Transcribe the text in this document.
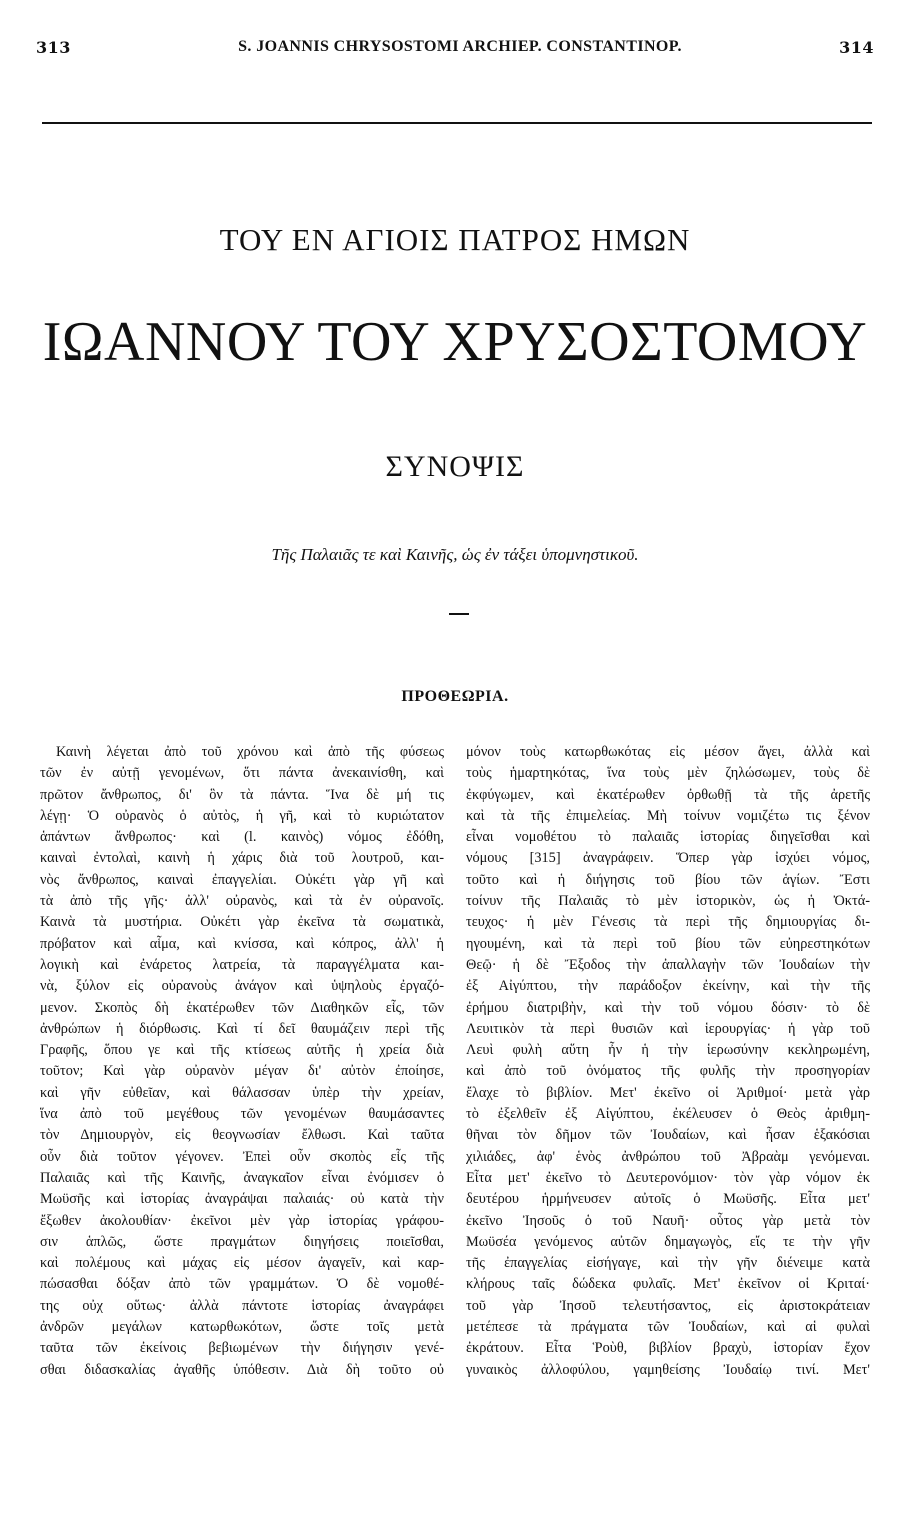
313	S. JOANNIS CHRYSOSTOMI ARCHIEP. CONSTANTINOP.	314
ΤΟΥ ΕΝ ΑΓΙΟΙΣ ΠΑΤΡΟΣ ΗΜΩΝ
ΙΩΑΝΝΟΥ ΤΟΥ ΧΡΥΣΟΣΤΟΜΟΥ
ΣΥΝΟΨΙΣ
Τῆς Παλαιᾶς τε καὶ Καινῆς, ὡς ἐν τάξει ὑπομνηστικοῦ.
ΠΡΟΘΕΩΡΙΑ.
Καινὴ λέγεται ἀπὸ τοῦ χρόνου καὶ ἀπὸ τῆς φύσεως
τῶν ἐν αὐτῇ γενομένων, ὅτι πάντα ἀνεκαινίσθη, καὶ
πρῶτον ἄνθρωπος, δι' ὃν τὰ πάντα. Ἵνα δὲ μή τις
λέγῃ· Ὁ οὐρανὸς ὁ αὐτὸς, ἡ γῆ, καὶ τὸ κυριώτατον
ἁπάντων ἄνθρωπος· καὶ (l. καινὸς) νόμος ἐδόθη,
καιναὶ ἐντολαὶ, καινὴ ἡ χάρις διὰ τοῦ λουτροῦ, και-
νὸς ἄνθρωπος, καιναὶ ἐπαγγελίαι. Οὐκέτι γὰρ γῆ καὶ
τὰ ἀπὸ τῆς γῆς· ἀλλ' οὐρανὸς, καὶ τὰ ἐν οὐρανοῖς.
Καινὰ τὰ μυστήρια. Οὐκέτι γὰρ ἐκεῖνα τὰ σωματικὰ,
πρόβατον καὶ αἷμα, καὶ κνίσσα, καὶ κόπρος, ἀλλ' ἡ
λογικὴ καὶ ἐνάρετος λατρεία, τὰ παραγγέλματα και-
νὰ, ξύλον εἰς οὐρανοὺς ἀνάγον καὶ ὑψηλοὺς ἐργαζό-
μενον. Σκοπὸς δὴ ἑκατέρωθεν τῶν Διαθηκῶν εἷς, τῶν
ἀνθρώπων ἡ διόρθωσις. Καὶ τί δεῖ θαυμάζειν περὶ τῆς
Γραφῆς, ὅπου γε καὶ τῆς κτίσεως αὐτῆς ἡ χρεία διὰ
τοῦτον; Καὶ γὰρ οὐρανὸν μέγαν δι' αὐτὸν ἐποίησε,
καὶ γῆν εὐθεῖαν, καὶ θάλασσαν ὑπὲρ τὴν χρείαν,
ἵνα ἀπὸ τοῦ μεγέθους τῶν γενομένων θαυμάσαντες
τὸν Δημιουργὸν, εἰς θεογνωσίαν ἔλθωσι. Καὶ ταῦτα
οὖν διὰ τοῦτον γέγονεν. Ἐπεὶ οὖν σκοπὸς εἷς τῆς
Παλαιᾶς καὶ τῆς Καινῆς, ἀναγκαῖον εἶναι ἐνόμισεν ὁ
Μωϋσῆς καὶ ἱστορίας ἀναγράψαι παλαιάς· οὐ κατὰ τὴν
ἔξωθεν ἀκολουθίαν· ἐκεῖνοι μὲν γὰρ ἱστορίας γράφου-
σιν ἁπλῶς, ὥστε πραγμάτων διηγήσεις ποιεῖσθαι,
καὶ πολέμους καὶ μάχας εἰς μέσον ἀγαγεῖν, καὶ καρ-
πώσασθαι δόξαν ἀπὸ τῶν γραμμάτων. Ὁ δὲ νομοθέ-
της οὐχ οὕτως· ἀλλὰ πάντοτε ἱστορίας ἀναγράφει
ἀνδρῶν μεγάλων κατωρθωκότων, ὥστε τοῖς μετὰ
ταῦτα τῶν ἐκείνοις βεβιωμένων τὴν διήγησιν γενέ-
σθαι διδασκαλίας ἀγαθῆς ὑπόθεσιν. Διὰ δὴ τοῦτο οὐ
μόνον τοὺς κατωρθωκότας εἰς μέσον ἄγει, ἀλλὰ καὶ
τοὺς ἡμαρτηκότας, ἵνα τοὺς μὲν ζηλώσωμεν, τοὺς δὲ
ἐκφύγωμεν, καὶ ἑκατέρωθεν ὀρθωθῇ τὰ τῆς ἀρετῆς
καὶ τὰ τῆς ἐπιμελείας. Μὴ τοίνυν νομιζέτω τις ξένον
εἶναι νομοθέτου τὸ παλαιᾶς ἱστορίας διηγεῖσθαι καὶ
νόμους [315] ἀναγράφειν. Ὅπερ γὰρ ἰσχύει νόμος,
τοῦτο καὶ ἡ διήγησις τοῦ βίου τῶν ἁγίων. Ἔστι
τοίνυν τῆς Παλαιᾶς τὸ μὲν ἱστορικὸν, ὡς ἡ Ὀκτά-
τευχος· ἡ μὲν Γένεσις τὰ περὶ τῆς δημιουργίας δι-
ηγουμένη, καὶ τὰ περὶ τοῦ βίου τῶν εὐηρεστηκότων
Θεῷ· ἡ δὲ Ἔξοδος τὴν ἀπαλλαγὴν τῶν Ἰουδαίων τὴν
ἐξ Αἰγύπτου, τὴν παράδοξον ἐκείνην, καὶ τὴν τῆς
ἐρήμου διατριβὴν, καὶ τὴν τοῦ νόμου δόσιν· τὸ δὲ
Λευιτικὸν τὰ περὶ θυσιῶν καὶ ἱερουργίας· ἡ γὰρ τοῦ
Λευὶ φυλὴ αὕτη ἦν ἡ τὴν ἱερωσύνην κεκληρωμένη,
καὶ ἀπὸ τοῦ ὀνόματος τῆς φυλῆς τὴν προσηγορίαν
ἔλαχε τὸ βιβλίον. Μετ' ἐκεῖνο οἱ Ἀριθμοί· μετὰ γὰρ
τὸ ἐξελθεῖν ἐξ Αἰγύπτου, ἐκέλευσεν ὁ Θεὸς ἀριθμη-
θῆναι τὸν δῆμον τῶν Ἰουδαίων, καὶ ἦσαν ἑξακόσιαι
χιλιάδες, ἀφ' ἑνὸς ἀνθρώπου τοῦ Ἀβραὰμ γενόμεναι.
Εἶτα μετ' ἐκεῖνο τὸ Δευτερονόμιον· τὸν γὰρ νόμον ἐκ
δευτέρου ἡρμήνευσεν αὐτοῖς ὁ Μωϋσῆς. Εἶτα μετ'
ἐκεῖνο Ἰησοῦς ὁ τοῦ Ναυῆ· οὗτος γὰρ μετὰ τὸν
Μωϋσέα γενόμενος αὐτῶν δημαγωγὸς, εἴς τε τὴν γῆν
τῆς ἐπαγγελίας εἰσήγαγε, καὶ τὴν γῆν διένειμε κατὰ
κλήρους ταῖς δώδεκα φυλαῖς. Μετ' ἐκεῖνον οἱ Κριταί·
τοῦ γὰρ Ἰησοῦ τελευτήσαντος, εἰς ἀριστοκράτειαν
μετέπεσε τὰ πράγματα τῶν Ἰουδαίων, καὶ αἱ φυλαὶ
ἐκράτουν. Εἶτα Ῥοὺθ, βιβλίον βραχὺ, ἱστορίαν ἔχον
γυναικὸς ἀλλοφύλου, γαμηθείσης Ἰουδαίῳ τινί. Μετ'
